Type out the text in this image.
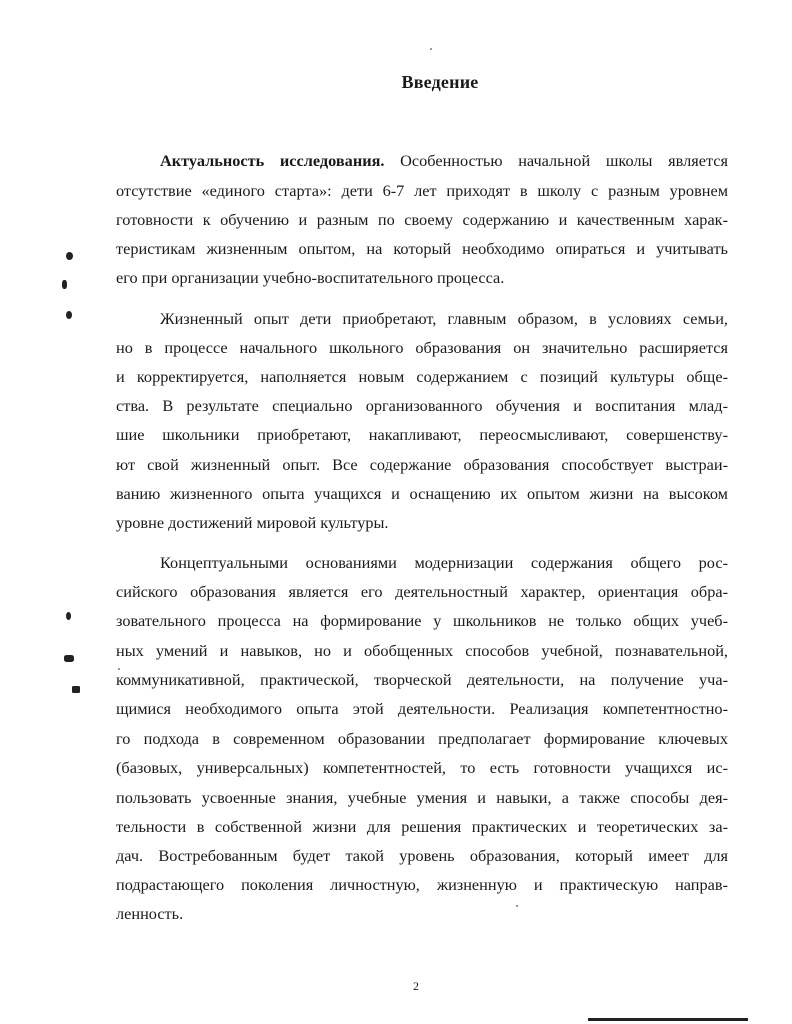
Введение
Актуальность исследования. Особенностью начальной школы является
отсутствие «единого старта»: дети 6-7 лет приходят в школу с разным уровнем
готовности к обучению и разным по своему содержанию и качественным харак-
теристикам жизненным опытом, на который необходимо опираться и учитывать
его при организации учебно-воспитательного процесса.
Жизненный опыт дети приобретают, главным образом, в условиях семьи,
но в процессе начального школьного образования он значительно расширяется
и корректируется, наполняется новым содержанием с позиций культуры обще-
ства. В результате специально организованного обучения и воспитания млад-
шие школьники приобретают, накапливают, переосмысливают, совершенству-
ют свой жизненный опыт. Все содержание образования способствует выстраи-
ванию жизненного опыта учащихся и оснащению их опытом жизни на высоком
уровне достижений мировой культуры.
Концептуальными основаниями модернизации содержания общего рос-
сийского образования является его деятельностный характер, ориентация обра-
зовательного процесса на формирование у школьников не только общих учеб-
ных умений и навыков, но и обобщенных способов учебной, познавательной,
коммуникативной, практической, творческой деятельности, на получение уча-
щимися необходимого опыта этой деятельности. Реализация компетентностно-
го подхода в современном образовании предполагает формирование ключевых
(базовых, универсальных) компетентностей, то есть готовности учащихся ис-
пользовать усвоенные знания, учебные умения и навыки, а также способы дея-
тельности в собственной жизни для решения практических и теоретических за-
дач. Востребованным будет такой уровень образования, который имеет для
подрастающего поколения личностную, жизненную и практическую направ-
ленность.
2
